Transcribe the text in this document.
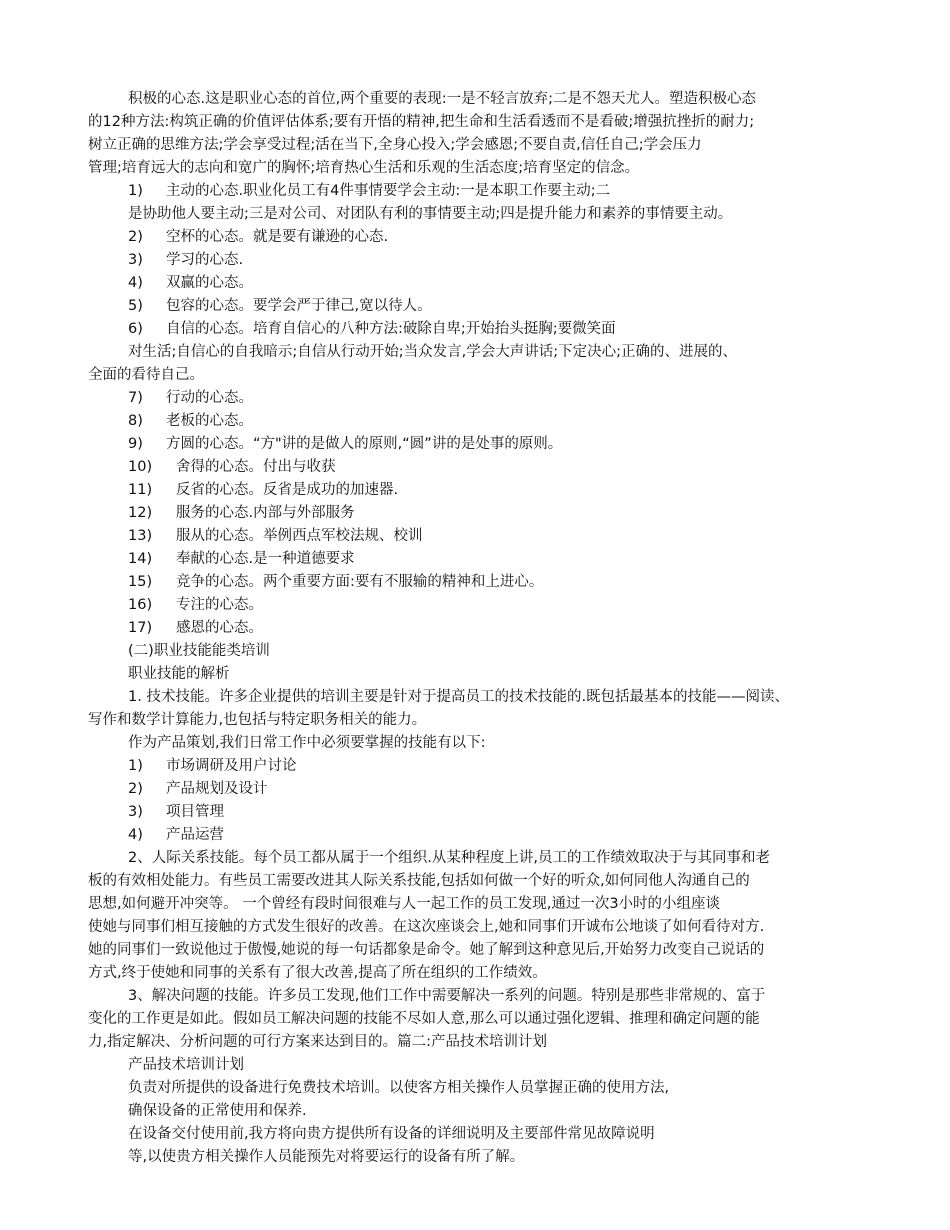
积极的心态.这是职业心态的首位,两个重要的表现:一是不轻言放弃;二是不怨天尤人。塑造积极心态
的12种方法:构筑正确的价值评估体系;要有开悟的精神,把生命和生活看透而不是看破;增强抗挫折的耐力;
树立正确的思维方法;学会享受过程;活在当下,全身心投入;学会感恩;不要自责,信任自己;学会压力
管理;培育远大的志向和宽广的胸怀;培育热心生活和乐观的生活态度;培育坚定的信念。
1) 主动的心态.职业化员工有4件事情要学会主动:一是本职工作要主动;二
是协助他人要主动;三是对公司、对团队有利的事情要主动;四是提升能力和素养的事情要主动。
2) 空杯的心态。就是要有谦逊的心态.
3) 学习的心态.
4) 双赢的心态。
5) 包容的心态。要学会严于律己,宽以待人。
6) 自信的心态。培育自信心的八种方法:破除自卑;开始抬头挺胸;要微笑面
对生活;自信心的自我暗示;自信从行动开始;当众发言,学会大声讲话;下定决心;正确的、进展的、
全面的看待自己。
7) 行动的心态。
8) 老板的心态。
9) 方圆的心态。“方"讲的是做人的原则,“圆”讲的是处事的原则。
10) 舍得的心态。付出与收获
11) 反省的心态。反省是成功的加速器.
12) 服务的心态.内部与外部服务
13) 服从的心态。举例西点军校法规、校训
14) 奉献的心态.是一种道德要求
15) 竞争的心态。两个重要方面:要有不服输的精神和上进心。
16) 专注的心态。
17) 感恩的心态。
(二)职业技能能类培训
职业技能的解析
1. 技术技能。许多企业提供的培训主要是针对于提高员工的技术技能的.既包括最基本的技能——阅读、
写作和数学计算能力,也包括与特定职务相关的能力。
作为产品策划,我们日常工作中必须要掌握的技能有以下:
1) 市场调研及用户讨论
2) 产品规划及设计
3) 项目管理
4) 产品运营
2、人际关系技能。每个员工都从属于一个组织.从某种程度上讲,员工的工作绩效取决于与其同事和老
板的有效相处能力。有些员工需要改进其人际关系技能,包括如何做一个好的听众,如何同他人沟通自己的
思想,如何避开冲突等。 一个曾经有段时间很难与人一起工作的员工发现,通过一次3小时的小组座谈
使她与同事们相互接触的方式发生很好的改善。在这次座谈会上,她和同事们开诚布公地谈了如何看待对方.
她的同事们一致说他过于傲慢,她说的每一句话都象是命令。她了解到这种意见后,开始努力改变自己说话的
方式,终于使她和同事的关系有了很大改善,提高了所在组织的工作绩效。
3、解决问题的技能。许多员工发现,他们工作中需要解决一系列的问题。特别是那些非常规的、富于
变化的工作更是如此。假如员工解决问题的技能不尽如人意,那么可以通过强化逻辑、推理和确定问题的能
力,指定解决、分析问题的可行方案来达到目的。篇二:产品技术培训计划
产品技术培训计划
负责对所提供的设备进行免费技术培训。以使客方相关操作人员掌握正确的使用方法,
确保设备的正常使用和保养.
在设备交付使用前,我方将向贵方提供所有设备的详细说明及主要部件常见故障说明
等,以使贵方相关操作人员能预先对将要运行的设备有所了解。
